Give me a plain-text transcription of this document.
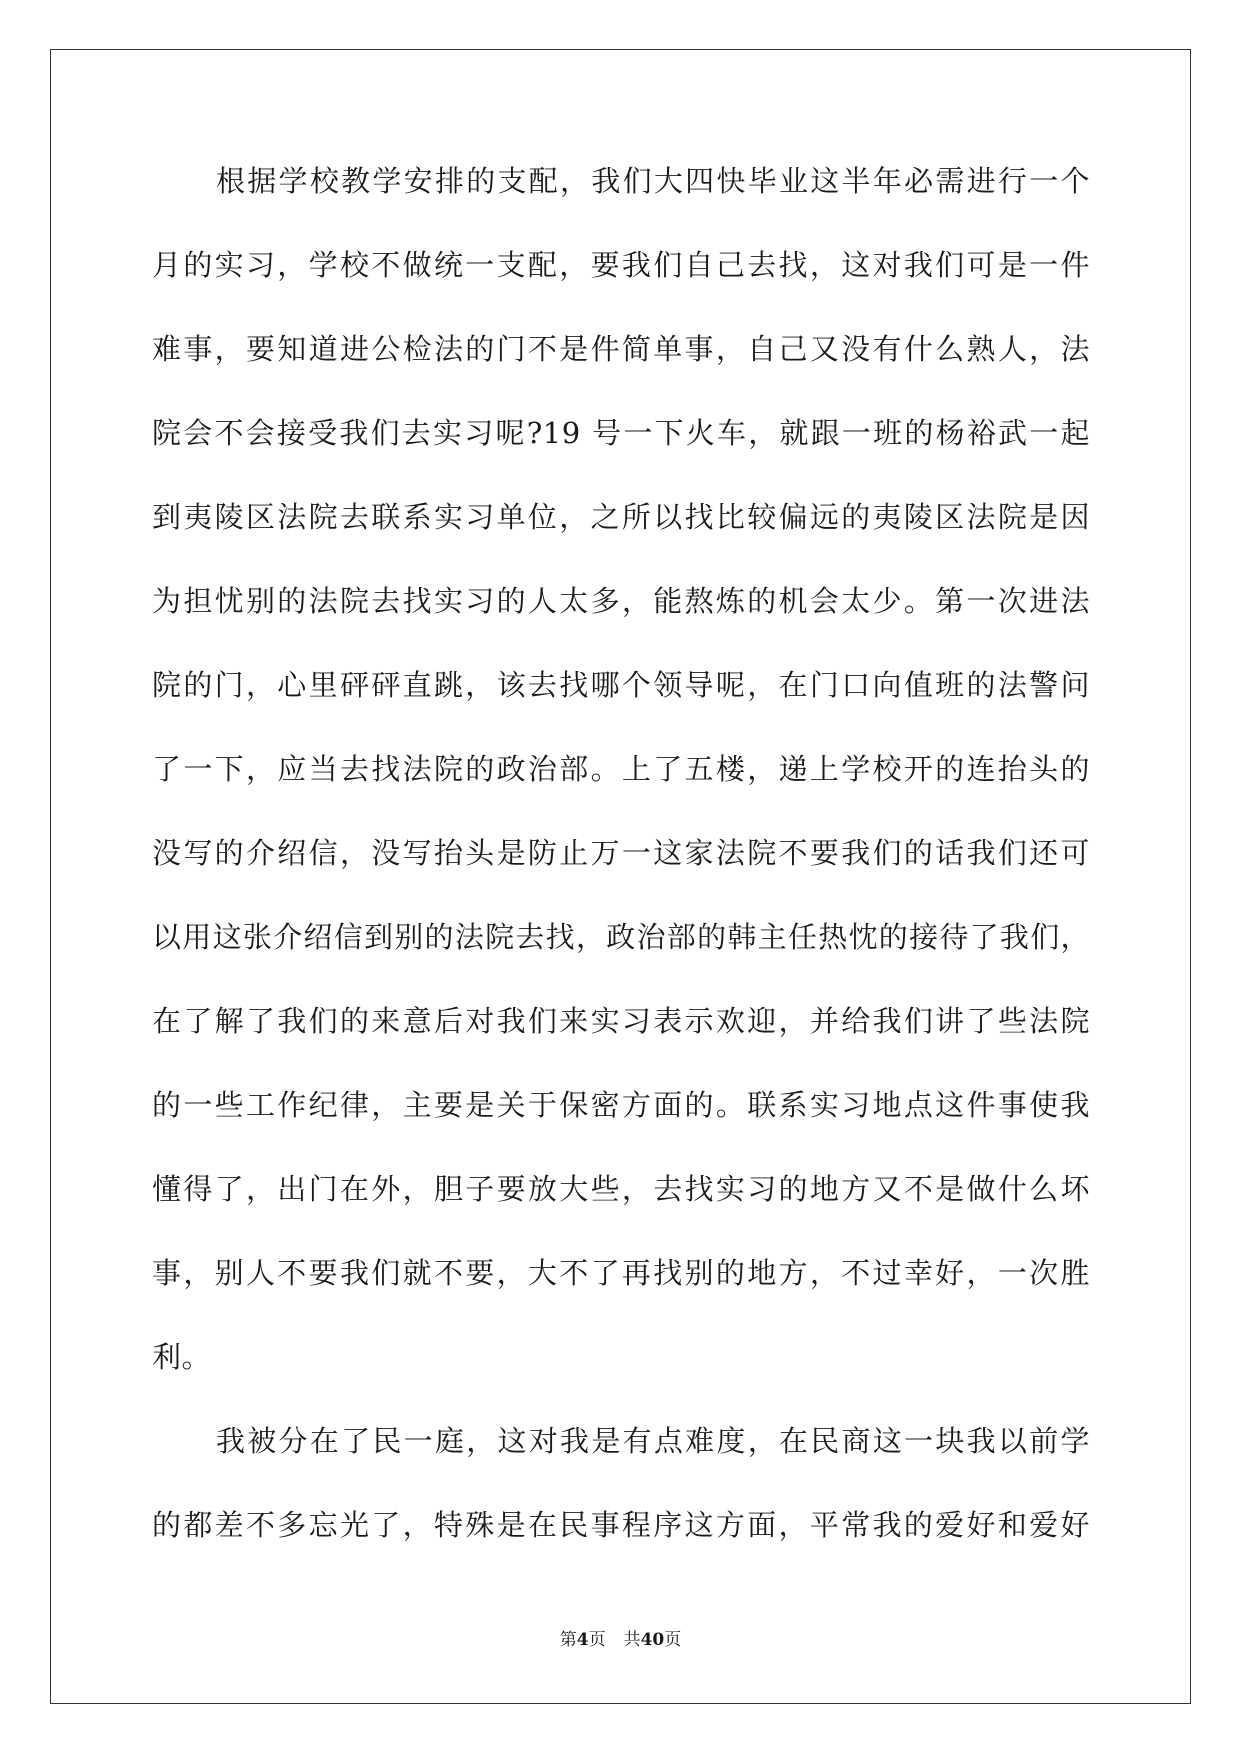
根据学校教学安排的支配，我们大四快毕业这半年必需进行一个
月的实习，学校不做统一支配，要我们自己去找，这对我们可是一件
难事，要知道进公检法的门不是件简单事，自己又没有什么熟人，法
院会不会接受我们去实习呢?19 号一下火车，就跟一班的杨裕武一起
到夷陵区法院去联系实习单位，之所以找比较偏远的夷陵区法院是因
为担忧别的法院去找实习的人太多，能熬炼的机会太少。第一次进法
院的门，心里砰砰直跳，该去找哪个领导呢，在门口向值班的法警问
了一下，应当去找法院的政治部。上了五楼，递上学校开的连抬头的
没写的介绍信，没写抬头是防止万一这家法院不要我们的话我们还可
以用这张介绍信到别的法院去找，政治部的韩主任热忱的接待了我们，
在了解了我们的来意后对我们来实习表示欢迎，并给我们讲了些法院
的一些工作纪律，主要是关于保密方面的。联系实习地点这件事使我
懂得了，出门在外，胆子要放大些，去找实习的地方又不是做什么坏
事，别人不要我们就不要，大不了再找别的地方，不过幸好，一次胜
利。
我被分在了民一庭，这对我是有点难度，在民商这一块我以前学
的都差不多忘光了，特殊是在民事程序这方面，平常我的爱好和爱好
第4页 共40页
